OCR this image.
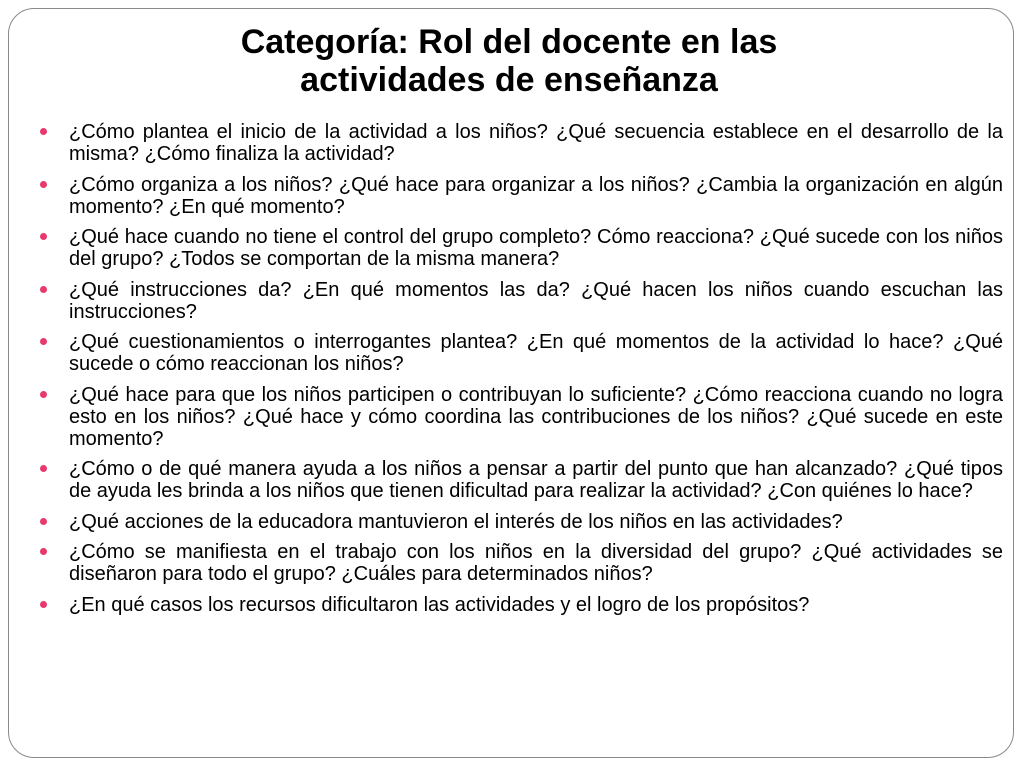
Categoría: Rol del docente en las
actividades de enseñanza
¿Cómo plantea el inicio de la actividad a los niños? ¿Qué secuencia establece en el desarrollo de la misma? ¿Cómo finaliza la actividad?
¿Cómo organiza a los niños? ¿Qué hace para organizar a los niños? ¿Cambia la organización en algún momento? ¿En qué momento?
¿Qué hace cuando no tiene el control del grupo completo? Cómo reacciona? ¿Qué sucede con los niños del grupo? ¿Todos se comportan de la misma manera?
¿Qué instrucciones da? ¿En qué momentos las da? ¿Qué hacen los niños cuando escuchan las instrucciones?
¿Qué cuestionamientos o interrogantes plantea? ¿En qué momentos de la actividad lo hace? ¿Qué sucede o cómo reaccionan los niños?
¿Qué hace para que los niños participen o contribuyan lo suficiente? ¿Cómo reacciona cuando no logra esto en los niños? ¿Qué hace y cómo coordina las contribuciones de los niños? ¿Qué sucede en este momento?
¿Cómo o de qué manera ayuda a los niños a pensar a partir del punto que han alcanzado? ¿Qué tipos de ayuda les brinda a los niños que tienen dificultad para realizar la actividad? ¿Con quiénes lo hace?
¿Qué acciones de la educadora mantuvieron el interés de los niños en las actividades?
¿Cómo se manifiesta en el trabajo con los niños en la diversidad del grupo? ¿Qué actividades se diseñaron para todo el grupo? ¿Cuáles para determinados niños?
¿En qué casos los recursos dificultaron las actividades y el logro de los propósitos?
